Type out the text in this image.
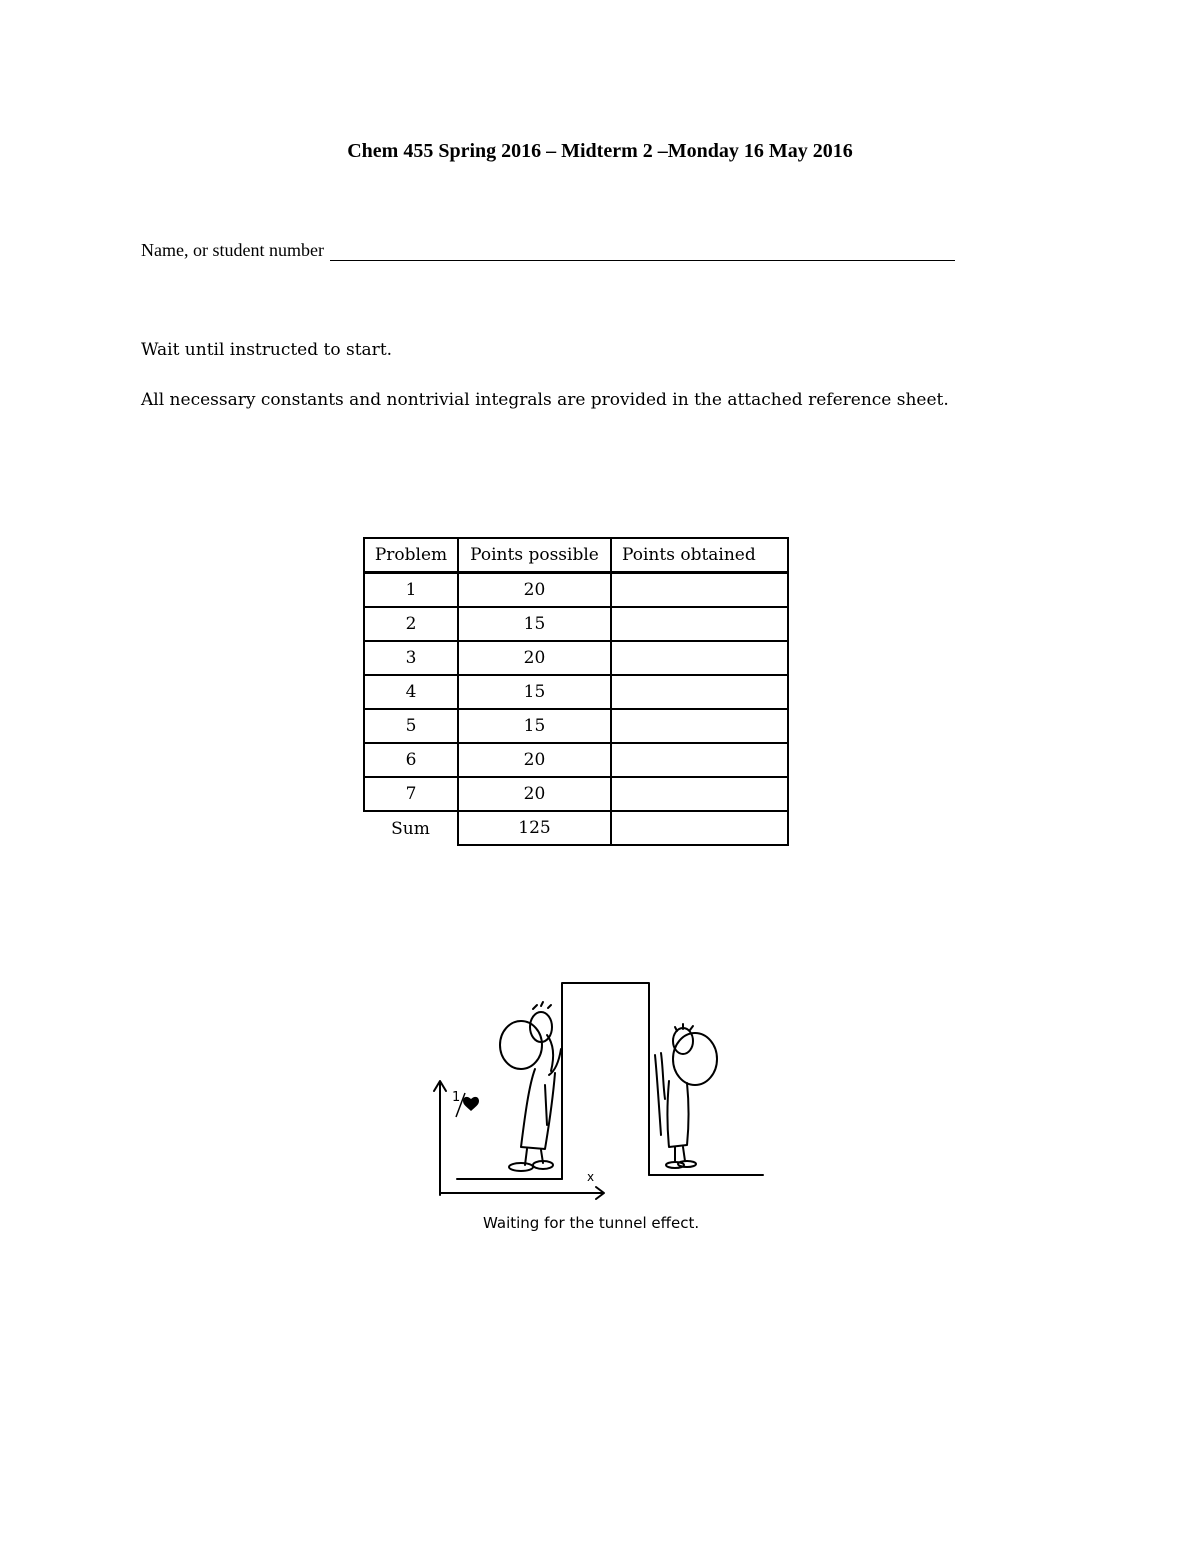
Chem 455 Spring 2016 – Midterm 2 –Monday 16 May 2016
Name, or student number
Wait until instructed to start.
All necessary constants and nontrivial integrals are provided in the attached reference sheet.
Problem	Points possible	Points obtained
1	20	
2	15	
3	20	
4	15	
5	15	
6	20	
7	20	
Sum	125	
1
x
Waiting for the tunnel effect.
